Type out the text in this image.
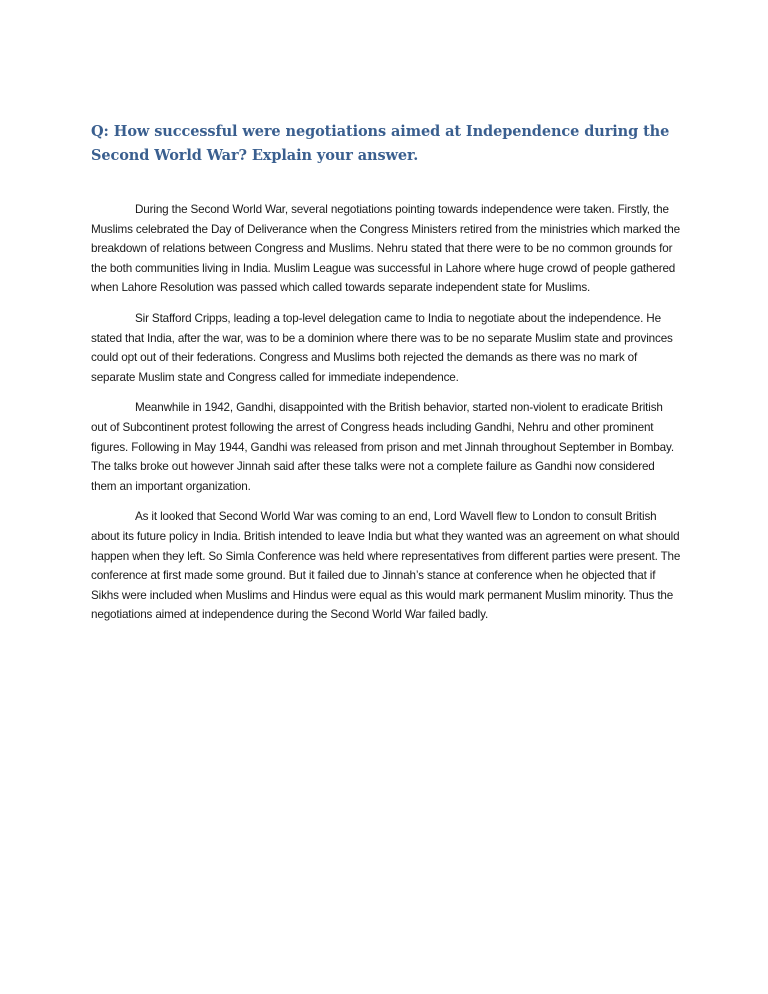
Q: How successful were negotiations aimed at Independence during the Second World War? Explain your answer.

During the Second World War, several negotiations pointing towards independence were taken. Firstly, the Muslims celebrated the Day of Deliverance when the Congress Ministers retired from the ministries which marked the breakdown of relations between Congress and Muslims. Nehru stated that there were to be no common grounds for the both communities living in India. Muslim League was successful in Lahore where huge crowd of people gathered when Lahore Resolution was passed which called towards separate independent state for Muslims.

Sir Stafford Cripps, leading a top-level delegation came to India to negotiate about the independence. He stated that India, after the war, was to be a dominion where there was to be no separate Muslim state and provinces could opt out of their federations. Congress and Muslims both rejected the demands as there was no mark of separate Muslim state and Congress called for immediate independence.

Meanwhile in 1942, Gandhi, disappointed with the British behavior, started non-violent to eradicate British out of Subcontinent protest following the arrest of Congress heads including Gandhi, Nehru and other prominent figures. Following in May 1944, Gandhi was released from prison and met Jinnah throughout September in Bombay. The talks broke out however Jinnah said after these talks were not a complete failure as Gandhi now considered them an important organization.

As it looked that Second World War was coming to an end, Lord Wavell flew to London to consult British about its future policy in India. British intended to leave India but what they wanted was an agreement on what should happen when they left. So Simla Conference was held where representatives from different parties were present. The conference at first made some ground. But it failed due to Jinnah’s stance at conference when he objected that if Sikhs were included when Muslims and Hindus were equal as this would mark permanent Muslim minority. Thus the negotiations aimed at independence during the Second World War failed badly.
